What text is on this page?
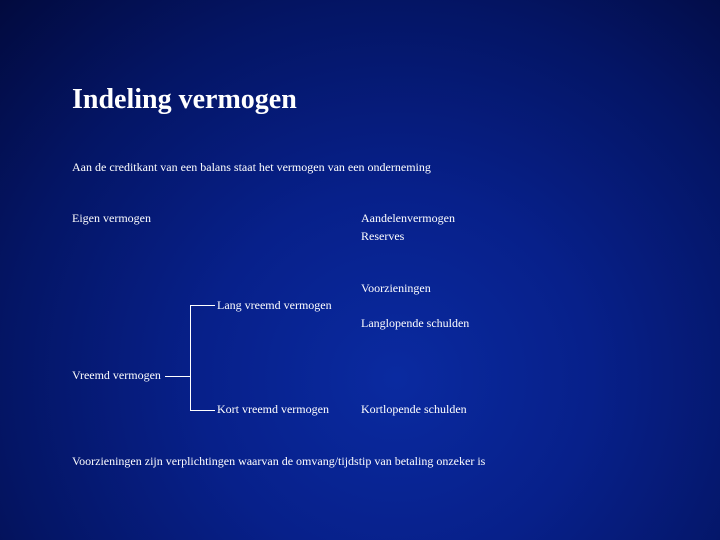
Indeling vermogen
Aan de creditkant van een balans staat het vermogen van een onderneming
Eigen vermogen	Aandelenvermogen
Reserves
Voorzieningen
Lang vreemd vermogen
Langlopende schulden
Vreemd vermogen
Kort vreemd vermogen	Kortlopende schulden
Voorzieningen zijn verplichtingen waarvan de omvang/tijdstip van betaling onzeker is
